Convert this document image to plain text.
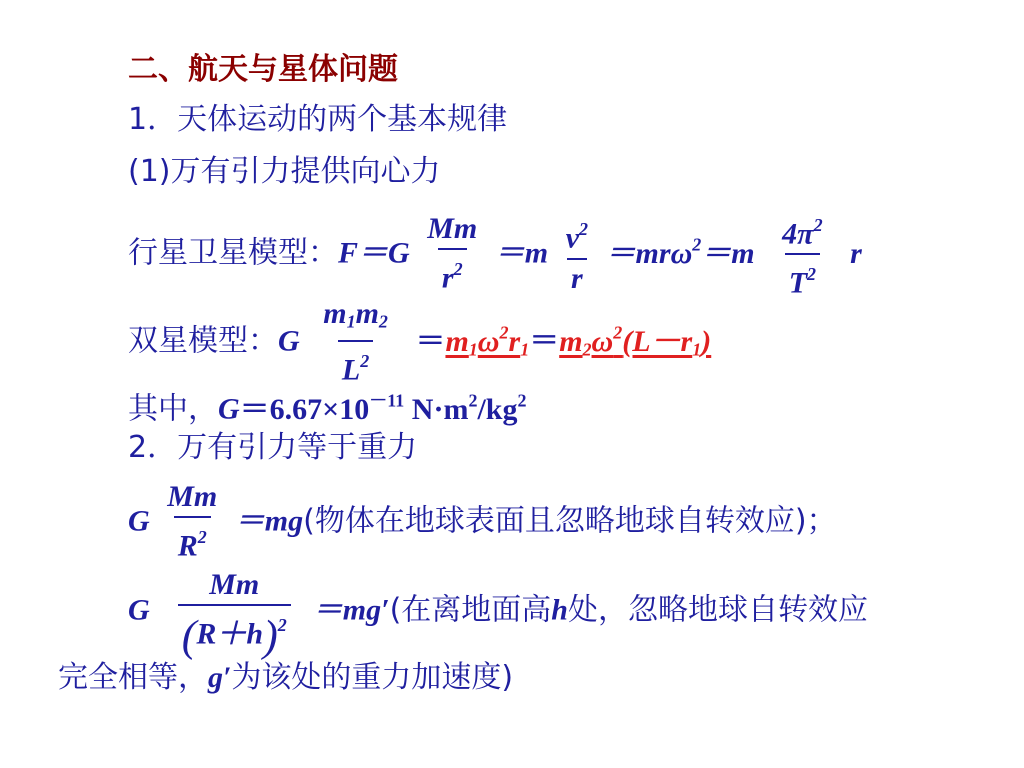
二、航天与星体问题
1．天体运动的两个基本规律
(1)万有引力提供向心力
行星卫星模型：$F=G \frac{Mm}{r^2} =m \frac{v^2}{r} =mr\omega^2=m \frac{4\pi^2}{T^2}$ r
双星模型：G $\frac{m_1m_2}{L^2} =m_1\omega^2r_1=m_2\omega^2(L-r_1)$
其中，$G=6.67\times 10^{-11}$ $N\cdot m^2/kg^2$
2．万有引力等于重力
G $\frac{Mm}{R^2} =mg$(物体在地球表面且忽略地球自转效应)；
G $\frac{Mm}{(R+h)^2} =mg'$(在离地面高h处，忽略地球自转效应
完全相等，g′为该处的重力加速度)
